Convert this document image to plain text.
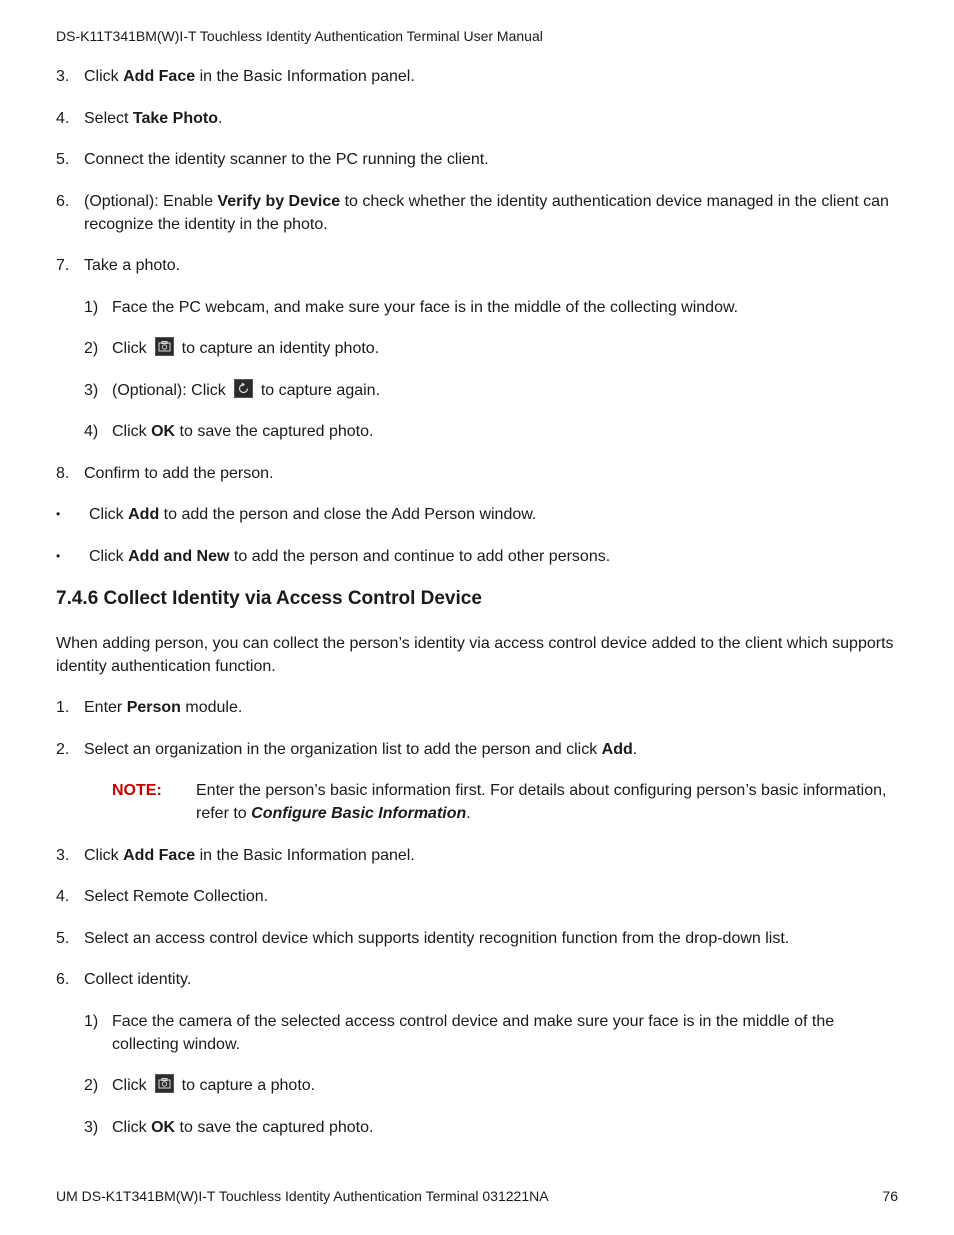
DS-K11T341BM(W)I-T Touchless Identity Authentication Terminal User Manual
3. Click Add Face in the Basic Information panel.
4. Select Take Photo.
5. Connect the identity scanner to the PC running the client.
6. (Optional): Enable Verify by Device to check whether the identity authentication device managed in the client can recognize the identity in the photo.
7. Take a photo.
1) Face the PC webcam, and make sure your face is in the middle of the collecting window.
2) Click to capture an identity photo.
3) (Optional): Click to capture again.
4) Click OK to save the captured photo.
8. Confirm to add the person.
• Click Add to add the person and close the Add Person window.
• Click Add and New to add the person and continue to add other persons.
7.4.6 Collect Identity via Access Control Device
When adding person, you can collect the person’s identity via access control device added to the client which supports identity authentication function.
1. Enter Person module.
2. Select an organization in the organization list to add the person and click Add.
NOTE: Enter the person’s basic information first. For details about configuring person’s basic information, refer to Configure Basic Information.
3. Click Add Face in the Basic Information panel.
4. Select Remote Collection.
5. Select an access control device which supports identity recognition function from the drop-down list.
6. Collect identity.
1) Face the camera of the selected access control device and make sure your face is in the middle of the collecting window.
2) Click to capture a photo.
3) Click OK to save the captured photo.
UM DS-K1T341BM(W)I-T Touchless Identity Authentication Terminal 031221NA	76
